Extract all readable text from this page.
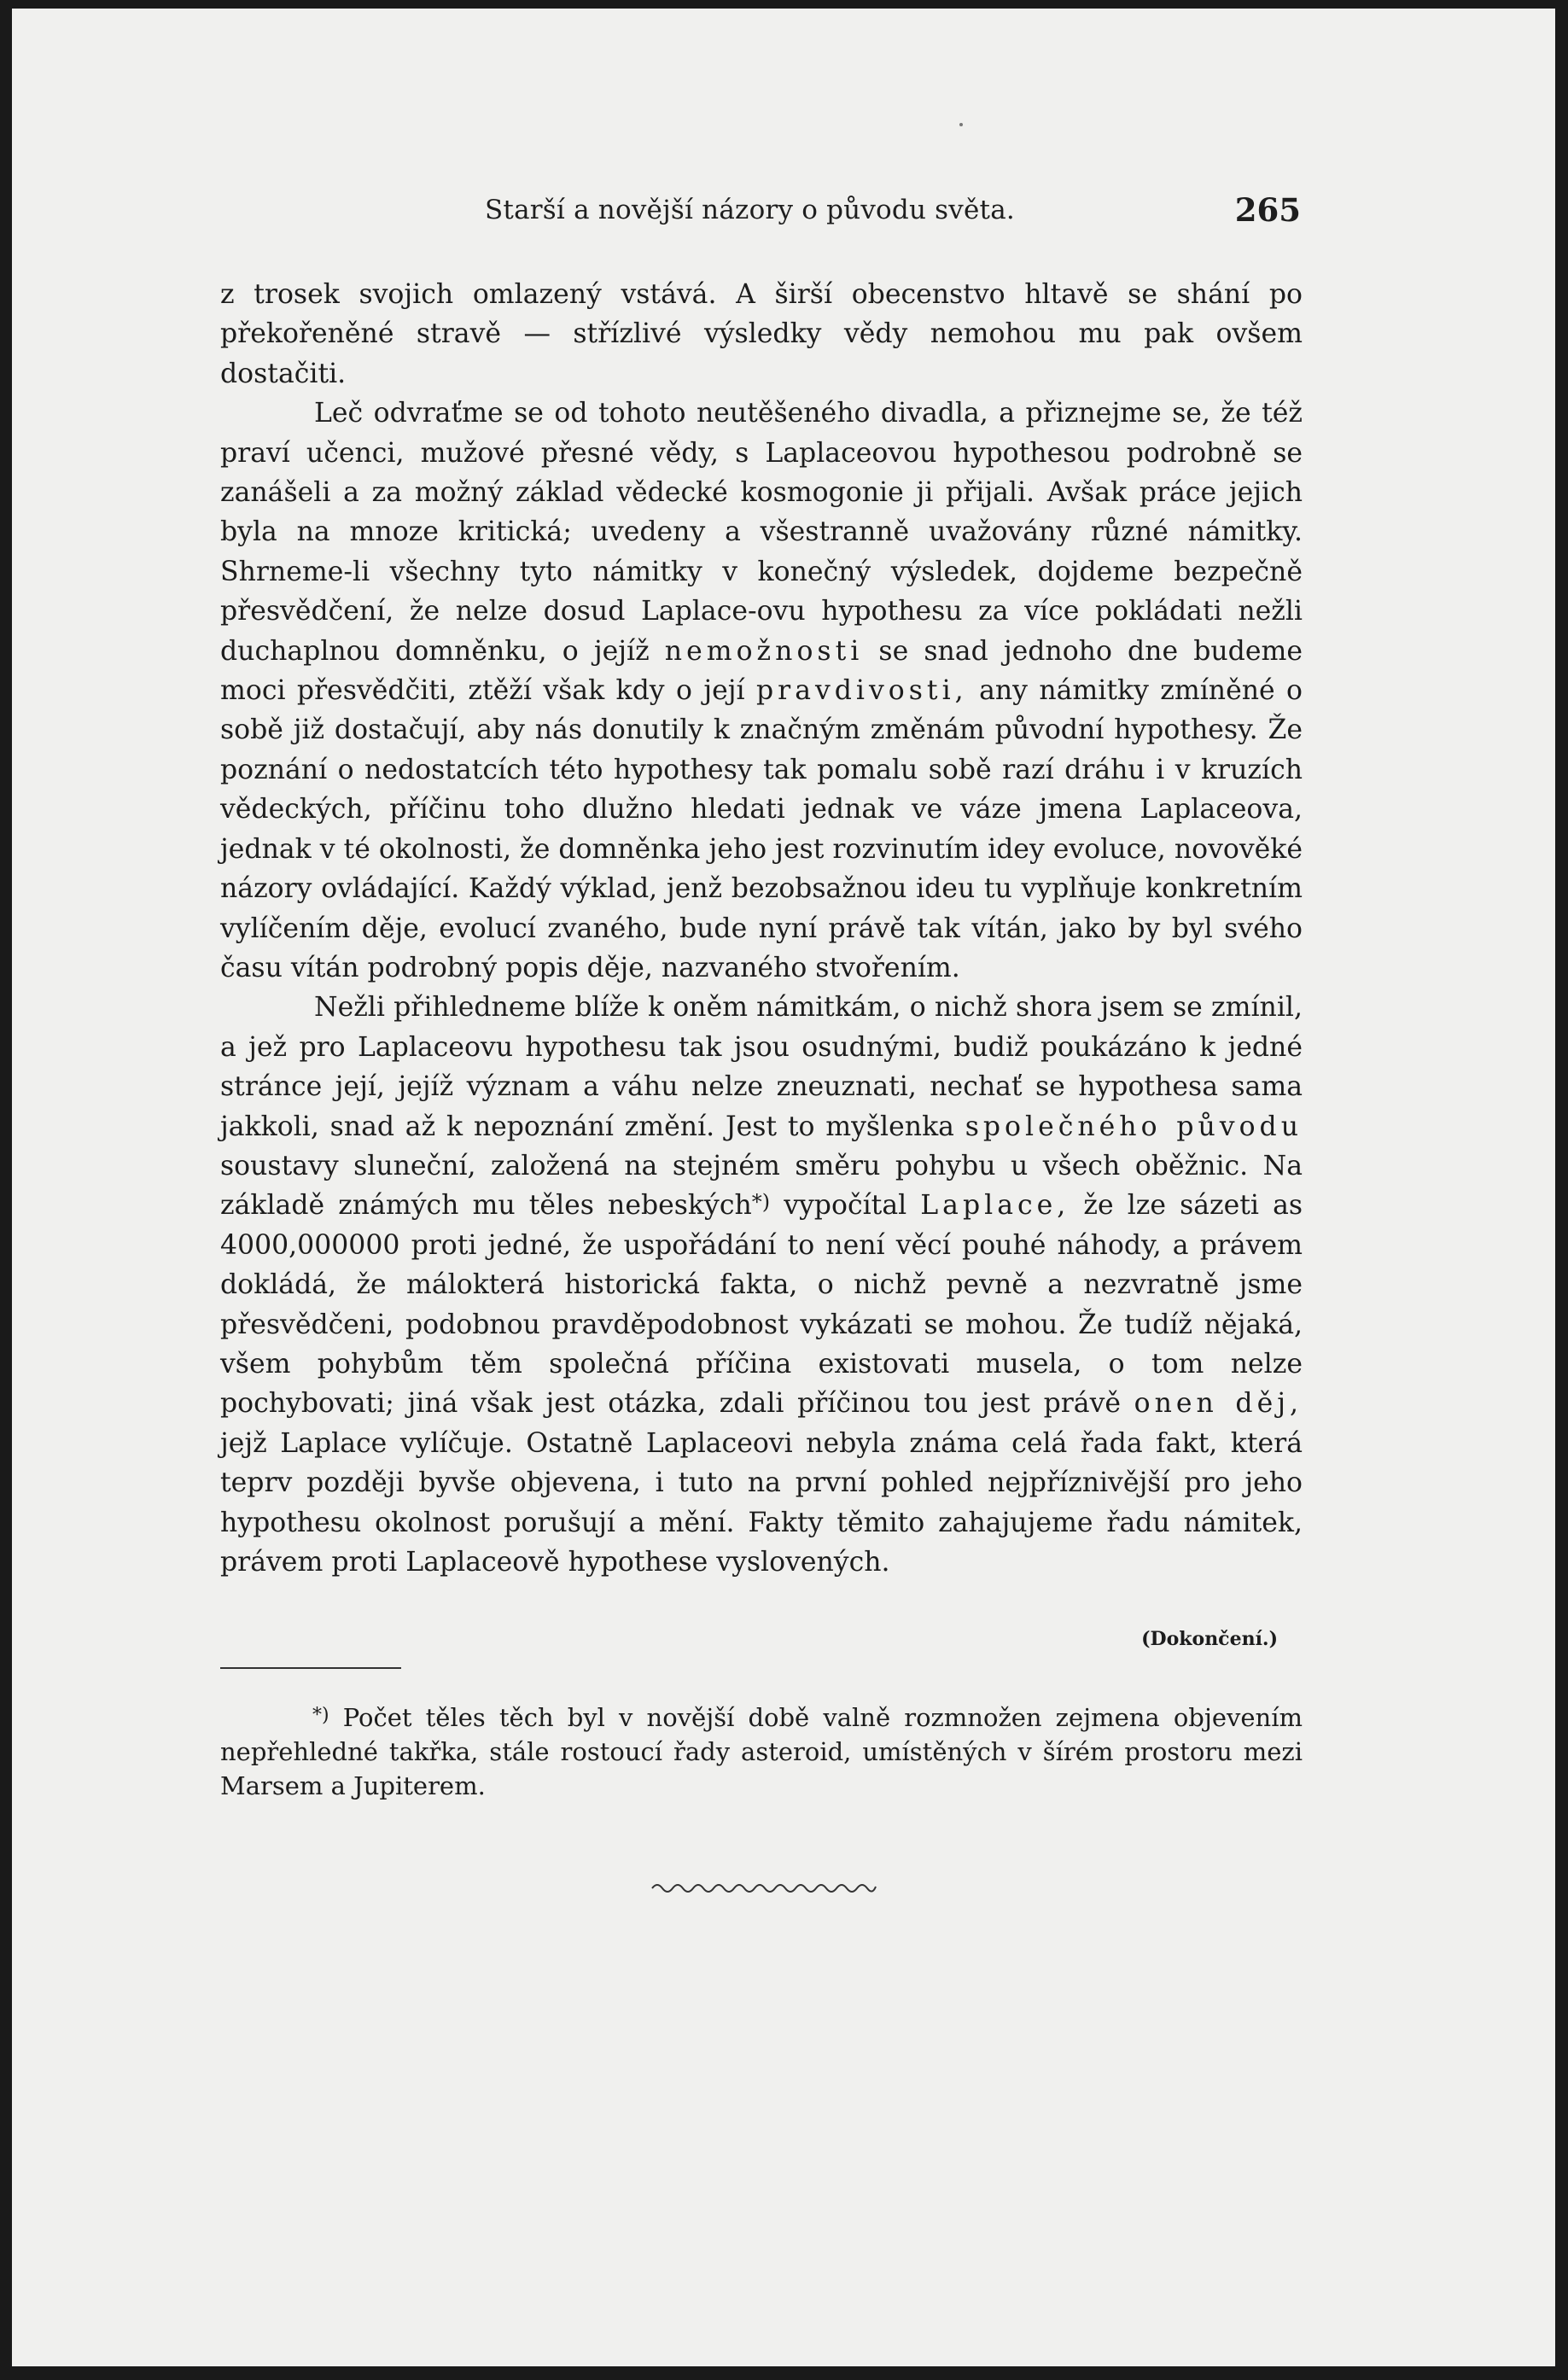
Starší a novější názory o původu světa.	265

z trosek svojich omlazený vstává. A širší obecenstvo hltavě se shání po překořeněné stravě — střízlivé výsledky vědy nemohou mu pak ovšem dostačiti.

Leč odvraťme se od tohoto neutěšeného divadla, a přiznejme se, že též praví učenci, mužové přesné vědy, s Laplaceovou hypothesou podrobně se zanášeli a za možný základ vědecké kosmogonie ji přijali. Avšak práce jejich byla na mnoze kritická; uvedeny a všestranně uvažovány různé námitky. Shrneme-li všechny tyto námitky v konečný výsledek, dojdeme bezpečně přesvědčení, že nelze dosud Laplace-ovu hypothesu za více pokládati nežli duchaplnou domněnku, o jejíž nemožnosti se snad jednoho dne budeme moci přesvědčiti, ztěží však kdy o její pravdivosti, any námitky zmíněné o sobě již dostačují, aby nás donutily k značným změnám původní hypothesy. Že poznání o nedostatcích této hypothesy tak pomalu sobě razí dráhu i v kruzích vědeckých, příčinu toho dlužno hledati jednak ve váze jmena Laplaceova, jednak v té okolnosti, že domněnka jeho jest rozvinutím idey evoluce, novověké názory ovládající. Každý výklad, jenž bezobsažnou ideu tu vyplňuje konkretním vylíčením děje, evolucí zvaného, bude nyní právě tak vítán, jako by byl svého času vítán podrobný popis děje, nazvaného stvořením.

Nežli přihledneme blíže k oněm námitkám, o nichž shora jsem se zmínil, a jež pro Laplaceovu hypothesu tak jsou osudnými, budiž poukázáno k jedné stránce její, jejíž význam a váhu nelze zneuznati, nechať se hypothesa sama jakkoli, snad až k nepoznání změní. Jest to myšlenka společného původu soustavy sluneční, založená na stejném směru pohybu u všech oběžnic. Na základě známých mu těles nebeských*) vypočítal Laplace, že lze sázeti as 4000,000000 proti jedné, že uspořádání to není věcí pouhé náhody, a právem dokládá, že málokterá historická fakta, o nichž pevně a nezvratně jsme přesvědčeni, podobnou pravděpodobnost vykázati se mohou. Že tudíž nějaká, všem pohybům těm společná příčina existovati musela, o tom nelze pochybovati; jiná však jest otázka, zdali příčinou tou jest právě onen děj, jejž Laplace vylíčuje. Ostatně Laplaceovi nebyla známa celá řada fakt, která teprv později byvše objevena, i tuto na první pohled nejpříznivější pro jeho hypothesu okolnost porušují a mění. Fakty těmito zahajujeme řadu námitek, právem proti Laplaceově hypothese vyslovených.

(Dokončení.)

*) Počet těles těch byl v novější době valně rozmnožen zejmena objevením nepřehledné takřka, stále rostoucí řady asteroid, umístěných v šírém prostoru mezi Marsem a Jupiterem.
